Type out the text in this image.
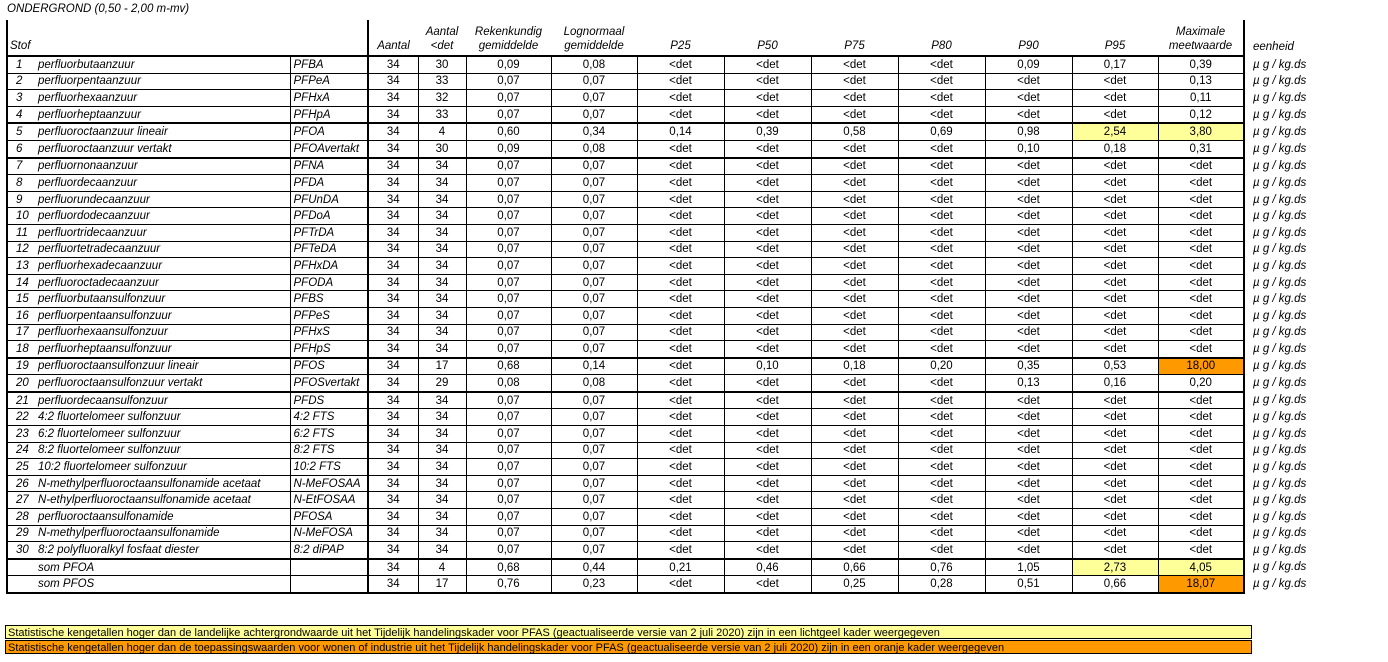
ONDERGROND (0,50 - 2,00 m-mv)
Stof			Aantal	Aantal <det	Rekenkundig gemiddelde	Lognormaal gemiddelde	P25	P50	P75	P80	P90	P95	Maximale meetwaarde	eenheid
1	perfluorbutaanzuur	PFBA	34	30	0,09	0,08	<det	<det	<det	<det	0,09	0,17	0,39	µ g / kg.ds
2	perfluorpentaanzuur	PFPeA	34	33	0,07	0,07	<det	<det	<det	<det	<det	<det	0,13	µ g / kg.ds
3	perfluorhexaanzuur	PFHxA	34	32	0,07	0,07	<det	<det	<det	<det	<det	<det	0,11	µ g / kg.ds
4	perfluorheptaanzuur	PFHpA	34	33	0,07	0,07	<det	<det	<det	<det	<det	<det	0,12	µ g / kg.ds
5	perfluoroctaanzuur lineair	PFOA	34	4	0,60	0,34	0,14	0,39	0,58	0,69	0,98	2,54	3,80	µ g / kg.ds
6	perfluoroctaanzuur vertakt	PFOAvertakt	34	30	0,09	0,08	<det	<det	<det	<det	0,10	0,18	0,31	µ g / kg.ds
7	perfluornonaanzuur	PFNA	34	34	0,07	0,07	<det	<det	<det	<det	<det	<det	<det	µ g / kg.ds
8	perfluordecaanzuur	PFDA	34	34	0,07	0,07	<det	<det	<det	<det	<det	<det	<det	µ g / kg.ds
9	perfluorundecaanzuur	PFUnDA	34	34	0,07	0,07	<det	<det	<det	<det	<det	<det	<det	µ g / kg.ds
10	perfluordodecaanzuur	PFDoA	34	34	0,07	0,07	<det	<det	<det	<det	<det	<det	<det	µ g / kg.ds
11	perfluortridecaanzuur	PFTrDA	34	34	0,07	0,07	<det	<det	<det	<det	<det	<det	<det	µ g / kg.ds
12	perfluortetradecaanzuur	PFTeDA	34	34	0,07	0,07	<det	<det	<det	<det	<det	<det	<det	µ g / kg.ds
13	perfluorhexadecaanzuur	PFHxDA	34	34	0,07	0,07	<det	<det	<det	<det	<det	<det	<det	µ g / kg.ds
14	perfluoroctadecaanzuur	PFODA	34	34	0,07	0,07	<det	<det	<det	<det	<det	<det	<det	µ g / kg.ds
15	perfluorbutaansulfonzuur	PFBS	34	34	0,07	0,07	<det	<det	<det	<det	<det	<det	<det	µ g / kg.ds
16	perfluorpentaansulfonzuur	PFPeS	34	34	0,07	0,07	<det	<det	<det	<det	<det	<det	<det	µ g / kg.ds
17	perfluorhexaansulfonzuur	PFHxS	34	34	0,07	0,07	<det	<det	<det	<det	<det	<det	<det	µ g / kg.ds
18	perfluorheptaansulfonzuur	PFHpS	34	34	0,07	0,07	<det	<det	<det	<det	<det	<det	<det	µ g / kg.ds
19	perfluoroctaansulfonzuur lineair	PFOS	34	17	0,68	0,14	<det	0,10	0,18	0,20	0,35	0,53	18,00	µ g / kg.ds
20	perfluoroctaansulfonzuur vertakt	PFOSvertakt	34	29	0,08	0,08	<det	<det	<det	<det	0,13	0,16	0,20	µ g / kg.ds
21	perfluordecaansulfonzuur	PFDS	34	34	0,07	0,07	<det	<det	<det	<det	<det	<det	<det	µ g / kg.ds
22	4:2 fluortelomeer sulfonzuur	4:2 FTS	34	34	0,07	0,07	<det	<det	<det	<det	<det	<det	<det	µ g / kg.ds
23	6:2 fluortelomeer sulfonzuur	6:2 FTS	34	34	0,07	0,07	<det	<det	<det	<det	<det	<det	<det	µ g / kg.ds
24	8:2 fluortelomeer sulfonzuur	8:2 FTS	34	34	0,07	0,07	<det	<det	<det	<det	<det	<det	<det	µ g / kg.ds
25	10:2 fluortelomeer sulfonzuur	10:2 FTS	34	34	0,07	0,07	<det	<det	<det	<det	<det	<det	<det	µ g / kg.ds
26	N-methylperfluoroctaansulfonamide acetaat	N-MeFOSAA	34	34	0,07	0,07	<det	<det	<det	<det	<det	<det	<det	µ g / kg.ds
27	N-ethylperfluoroctaansulfonamide acetaat	N-EtFOSAA	34	34	0,07	0,07	<det	<det	<det	<det	<det	<det	<det	µ g / kg.ds
28	perfluoroctaansulfonamide	PFOSA	34	34	0,07	0,07	<det	<det	<det	<det	<det	<det	<det	µ g / kg.ds
29	N-methylperfluoroctaansulfonamide	N-MeFOSA	34	34	0,07	0,07	<det	<det	<det	<det	<det	<det	<det	µ g / kg.ds
30	8:2 polyfluoralkyl fosfaat diester	8:2 diPAP	34	34	0,07	0,07	<det	<det	<det	<det	<det	<det	<det	µ g / kg.ds
	som PFOA		34	4	0,68	0,44	0,21	0,46	0,66	0,76	1,05	2,73	4,05	µ g / kg.ds
	som PFOS		34	17	0,76	0,23	<det	<det	0,25	0,28	0,51	0,66	18,07	µ g / kg.ds
Statistische kengetallen hoger dan de landelijke achtergrondwaarde uit het Tijdelijk handelingskader voor PFAS (geactualiseerde versie van 2 juli 2020) zijn in een lichtgeel kader weergegeven
Statistische kengetallen hoger dan de toepassingswaarden voor wonen of industrie uit het Tijdelijk handelingskader voor PFAS (geactualiseerde versie van 2 juli 2020) zijn in een oranje kader weergegeven
